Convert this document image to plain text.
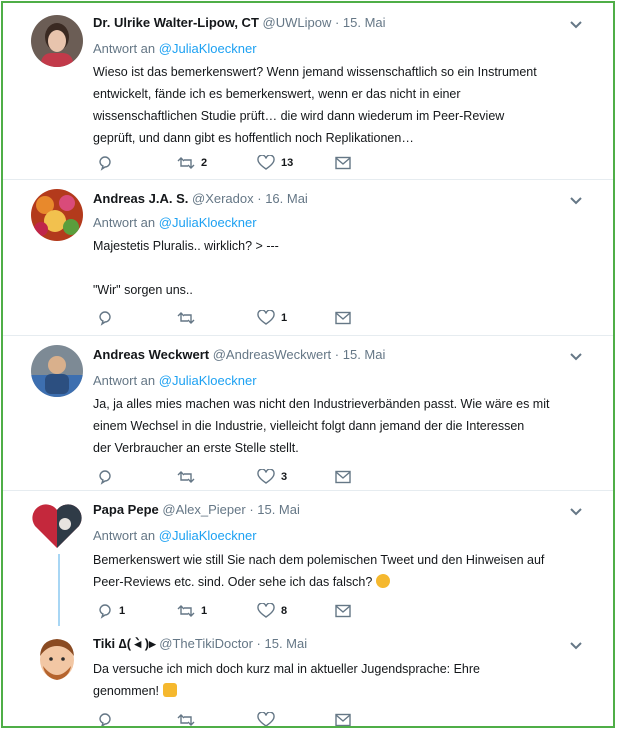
Dr. Ulrike Walter-Lipow, CT @UWLipow · 15. Mai
Antwort an @JuliaKloeckner

Wieso ist das bemerkenswert? Wenn jemand wissenschaftlich so ein Instrument

entwickelt, fände ich es bemerkenswert, wenn er das nicht in einer

wissenschaftlichen Studie prüft… die wird dann wiederum im Peer-Review

geprüft, und dann gibt es hoffentlich noch Replikationen…

2	13
Andreas J.A. S. @Xeradox · 16. Mai
Antwort an @JuliaKloeckner

Majestetis Pluralis.. wirklich? > ---

"Wir" sorgen uns..

1
Andreas Weckwert @AndreasWeckwert · 15. Mai
Antwort an @JuliaKloeckner

Ja, ja alles mies machen was nicht den Industrieverbänden passt. Wie wäre es mit

einem Wechsel in die Industrie, vielleicht folgt dann jemand der die Interessen

der Verbraucher an erste Stelle stellt.

3
Papa Pepe @Alex_Pieper · 15. Mai
Antwort an @JuliaKloeckner

Bemerkenswert wie still Sie nach dem polemischen Tweet und den Hinweisen auf

Peer-Reviews etc. sind. Oder sehe ich das falsch?

1	1	8
Tiki ∆( ◂̀ )▸ @TheTikiDoctor · 15. Mai

Da versuche ich mich doch kurz mal in aktueller Jugendsprache: Ehre

genommen!
